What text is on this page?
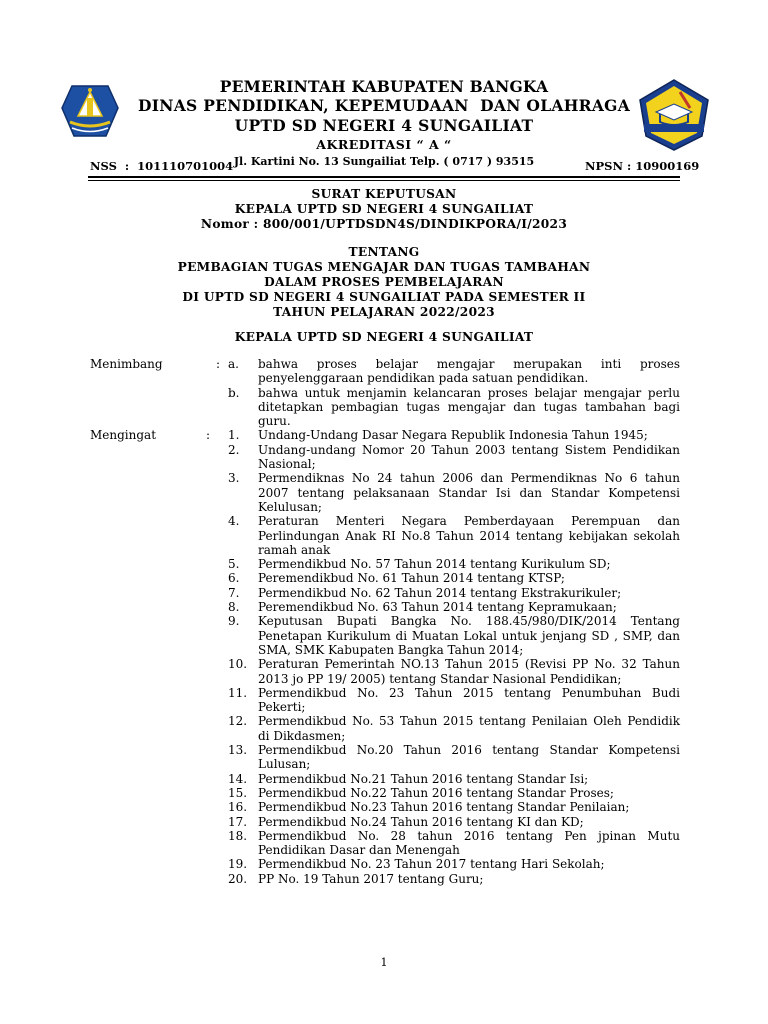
PEMERINTAH KABUPATEN BANGKA
DINAS PENDIDIKAN, KEPEMUDAAN  DAN OLAHRAGA
UPTD SD NEGERI 4 SUNGAILIAT
AKREDITASI “ A “
Jl. Kartini No. 13 Sungailiat Telp. ( 0717 ) 93515
NSS  :  101110701004	NPSN : 10900169
SURAT KEPUTUSAN
KEPALA UPTD SD NEGERI 4 SUNGAILIAT
Nomor : 800/001/UPTDSDN4S/DINDIKPORA/I/2023
TENTANG
PEMBAGIAN TUGAS MENGAJAR DAN TUGAS TAMBAHAN
DALAM PROSES PEMBELAJARAN
DI UPTD SD NEGERI 4 SUNGAILIAT PADA SEMESTER II
TAHUN PELAJARAN 2022/2023
KEPALA UPTD SD NEGERI 4 SUNGAILIAT
Menimbang	: a. bahwa proses belajar mengajar merupakan inti proses penyelenggaraan pendidikan pada satuan pendidikan.
b. bahwa untuk menjamin kelancaran proses belajar mengajar perlu ditetapkan pembagian tugas mengajar dan tugas tambahan bagi guru.
Mengingat	: 1. Undang-Undang Dasar Negara Republik Indonesia Tahun 1945;
2. Undang-undang Nomor 20 Tahun 2003 tentang Sistem Pendidikan Nasional;
3. Permendiknas No 24 tahun 2006 dan Permendiknas No 6 tahun 2007 tentang pelaksanaan Standar Isi dan Standar Kompetensi Kelulusan;
4. Peraturan Menteri Negara Pemberdayaan Perempuan dan Perlindungan Anak RI No.8 Tahun 2014 tentang kebijakan sekolah ramah anak
5. Permendikbud No. 57 Tahun 2014 tentang Kurikulum SD;
6. Peremendikbud No. 61 Tahun 2014 tentang KTSP;
7. Permendikbud No. 62 Tahun 2014 tentang Ekstrakurikuler;
8. Peremendikbud No. 63 Tahun 2014 tentang Kepramukaan;
9. Keputusan Bupati Bangka No. 188.45/980/DIK/2014 Tentang Penetapan Kurikulum di Muatan Lokal untuk jenjang SD , SMP, dan SMA, SMK Kabupaten Bangka Tahun 2014;
10. Peraturan Pemerintah NO.13 Tahun 2015 (Revisi PP No. 32 Tahun 2013 jo PP 19/ 2005) tentang Standar Nasional Pendidikan;
11. Permendikbud No. 23 Tahun 2015 tentang Penumbuhan Budi Pekerti;
12. Permendikbud No. 53 Tahun 2015 tentang Penilaian Oleh Pendidik di Dikdasmen;
13. Permendikbud No.20 Tahun 2016 tentang Standar Kompetensi Lulusan;
14. Permendikbud No.21 Tahun 2016 tentang Standar Isi;
15. Permendikbud No.22 Tahun 2016 tentang Standar Proses;
16. Permendikbud No.23 Tahun 2016 tentang Standar Penilaian;
17. Permendikbud No.24 Tahun 2016 tentang KI dan KD;
18. Permendikbud No. 28 tahun 2016 tentang Pen jpinan Mutu Pendidikan Dasar dan Menengah
19. Permendikbud No. 23 Tahun 2017 tentang Hari Sekolah;
20. PP No. 19 Tahun 2017 tentang Guru;
1
